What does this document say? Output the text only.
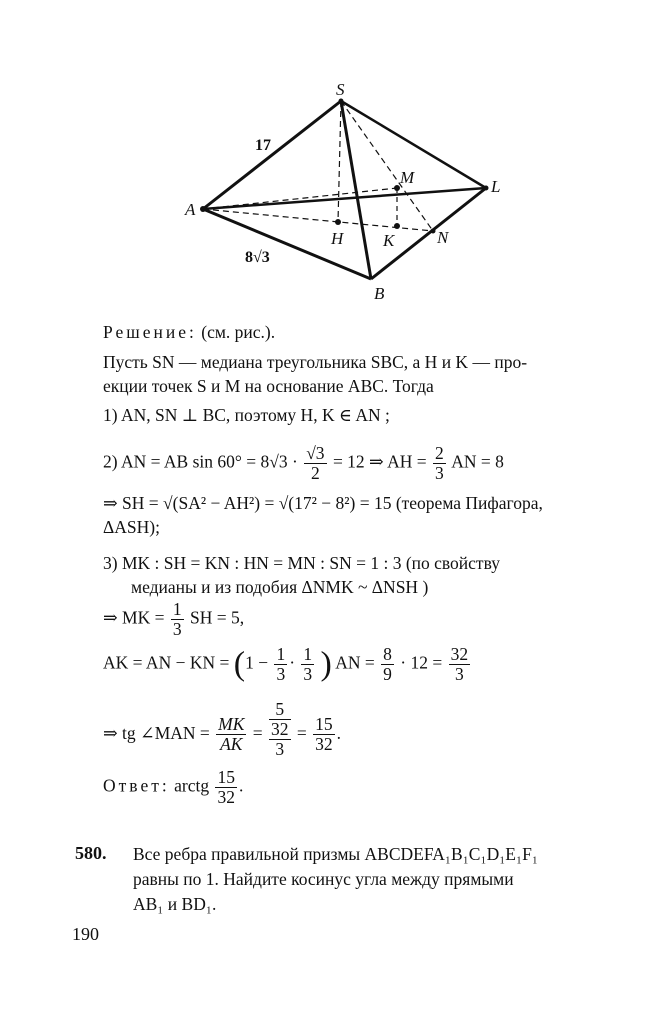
S
L
A
B
M
H K	N
17
8√3
Решение: (см. рис.).
Пусть SN — медиана треугольника SBC, а H и K — про-
екции точек S и M на основание ABC. Тогда
1) AN, SN ⊥ BC, поэтому H, K ∈ AN ;
2) AN = AB $\sin 60^\circ = 8√3 \cdot \frac{√3}{2} = 12$ ⇒ AH = $\frac{2}{3}$ AN = 8
⇒ SH = √(SA² − AH²) = √(17² − 8²) = 15 (теорема Пифагора,
ΔASH);
3) MK : SH = KN : HN = MN : SN = 1 : 3 (по свойству
медианы и из подобия ΔNMK ~ ΔNSH )
⇒ MK = $\frac{1}{3}$ SH = 5,
AK = AN − KN = ($1 - \frac{1}{3} \cdot \frac{1}{3}$ ) AN = $\frac{8}{9} \cdot 12 = \frac{32}{3}$
⇒ tg ∠MAN = $\frac{MK}{AK}$ =
5
32
3
= $\frac{15}{32}$ .
Ответ: arctg $\frac{15}{32}$ .
580. Все ребра правильной призмы ABCDEFA₁B₁C₁D₁E₁F₁
равны по 1. Найдите косинус угла между прямыми
AB₁ и BD₁.
190
